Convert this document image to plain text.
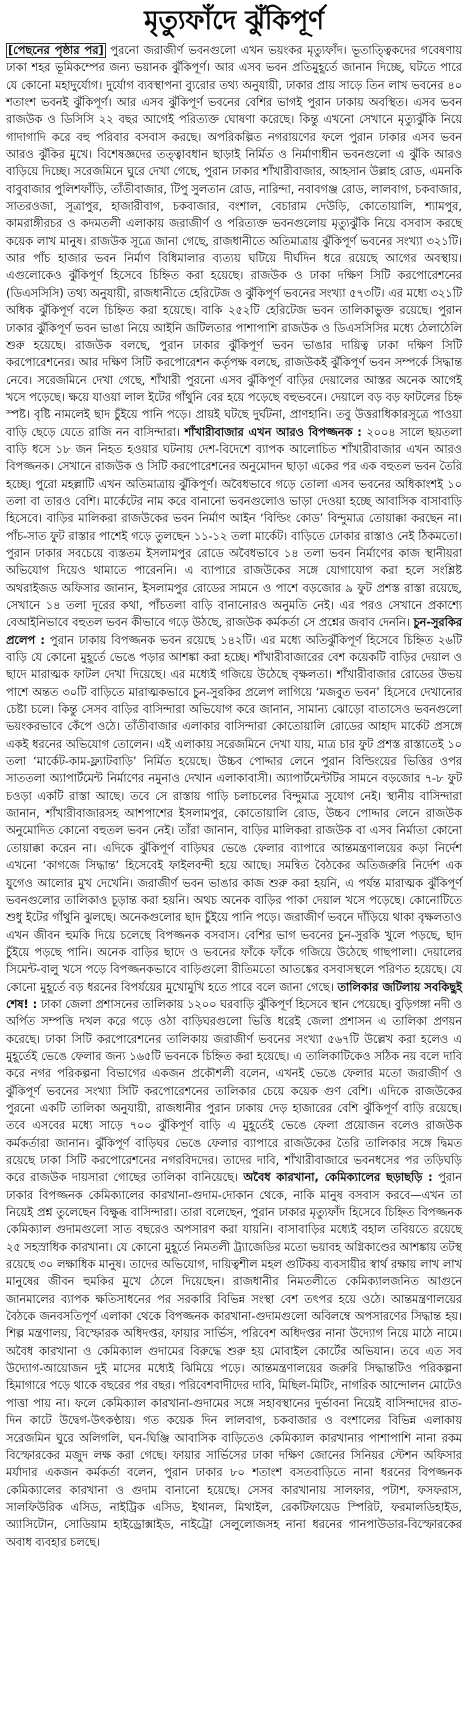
মৃত্যুফাঁদে ঝুঁকিপূর্ণ

[পেছনের পৃষ্ঠার পর] পুরনো জরাজীর্ণ ভবনগুলো এখন ভয়ংকর মৃত্যুফাঁদ। ভূতাত্ত্বিকদের গবেষণায় ঢাকা শহর ভূমিকম্পের জন্য ভয়ানক ঝুঁকিপূর্ণ। আর এসব ভবন প্রতিমুহূর্তে জানান দিচ্ছে, ঘটতে পারে যে কোনো মহাদুর্যোগ। দুর্যোগ ব্যবস্থাপনা ব্যুরোর তথ্য অনুযায়ী, ঢাকার প্রায় সাড়ে তিন লাখ ভবনের ৪০ শতাংশ ভবনই ঝুঁকিপূর্ণ। আর এসব ঝুঁকিপূর্ণ ভবনের বেশির ভাগই পুরান ঢাকায় অবস্থিত। এসব ভবন রাজউক ও ডিসিসি ২২ বছর আগেই পরিত্যক্ত ঘোষণা করেছে। কিন্তু এখনো সেখানে মৃত্যুঝুঁকি নিয়ে গাদাগাদি করে বহু পরিবার বসবাস করছে। অপরিকল্পিত নগরায়ণের ফলে পুরান ঢাকার এসব ভবন আরও ঝুঁকির মুখে। বিশেষজ্ঞদের তত্ত্বাবধান ছাড়াই নির্মিত ও নির্মাণাধীন ভবনগুলো এ ঝুঁকি আরও বাড়িয়ে দিচ্ছে। সরেজমিনে ঘুরে দেখা গেছে, পুরান ঢাকার শাঁখারীবাজার, আহসান উল্লাহ রোড, এমনকি বাবুবাজার পুলিশফাঁড়ি, তাঁতীবাজার, টিপু সুলতান রোড, নারিন্দা, নবাবগঞ্জ রোড, লালবাগ, চকবাজার, সাতরওজা, সূত্রাপুর, হাজারীবাগ, চকবাজার, বংশাল, বেচারাম দেউড়ি, কোতোয়ালি, শ্যামপুর, কামরাঙ্গীরচর ও কদমতলী এলাকায় জরাজীর্ণ ও পরিত্যক্ত ভবনগুলোয় মৃত্যুঝুঁকি নিয়ে বসবাস করছে কয়েক লাখ মানুষ। রাজউক সূত্রে জানা গেছে, রাজধানীতে অতিমাত্রায় ঝুঁকিপূর্ণ ভবনের সংখ্যা ৩২১টি। আর পাঁচ হাজার ভবন নির্মাণ বিধিমালার ব্যত্যয় ঘটিয়ে দীর্ঘদিন ধরে রয়েছে আগের অবস্থায়। এগুলোকেও ঝুঁকিপূর্ণ হিসেবে চিহ্নিত করা হয়েছে। রাজউক ও ঢাকা দক্ষিণ সিটি করপোরেশনের (ডিএসসিসি) তথ্য অনুযায়ী, রাজধানীতে হেরিটেজ ও ঝুঁকিপূর্ণ ভবনের সংখ্যা ৫৭৩টি। এর মধ্যে ৩২১টি অধিক ঝুঁকিপূর্ণ বলে চিহ্নিত করা হয়েছে। বাকি ২৫২টি হেরিটেজ ভবন তালিকাভুক্ত রয়েছে। পুরান ঢাকার ঝুঁকিপূর্ণ ভবন ভাঙা নিয়ে আইনি জটিলতার পাশাপাশি রাজউক ও ডিএসসিসির মধ্যে ঠেলাঠেলি শুরু হয়েছে। রাজউক বলছে, পুরান ঢাকার ঝুঁকিপূর্ণ ভবন ভাঙার দায়িত্ব ঢাকা দক্ষিণ সিটি করপোরেশনের। আর দক্ষিণ সিটি করপোরেশন কর্তৃপক্ষ বলছে, রাজউকই ঝুঁকিপূর্ণ ভবন সম্পর্কে সিদ্ধান্ত নেবে। সরেজমিনে দেখা গেছে, শাঁখারী পুরনো এসব ঝুঁকিপূর্ণ বাড়ির দেয়ালের আস্তর অনেক আগেই খসে পড়েছে। ক্ষয়ে যাওয়া লাল ইটের গাঁথুনি বের হয়ে পড়েছে বহুভবনে। দেয়ালে বড় বড় ফাটলের চিহ্ন স্পষ্ট। বৃষ্টি নামলেই ছাদ চুঁইয়ে পানি পড়ে। প্রায়ই ঘটছে দুর্ঘটনা, প্রাণহানি। তবু উত্তরাধিকারসূত্রে পাওয়া বাড়ি ছেড়ে যেতে রাজি নন বাসিন্দারা। শাঁখারীবাজার এখন আরও বিপজ্জনক : ২০০৪ সালে ছয়তলা বাড়ি ধসে ১৮ জন নিহত হওয়ার ঘটনায় দেশ-বিদেশে ব্যাপক আলোচিত শাঁখারীবাজার এখন আরও বিপজ্জনক। সেখানে রাজউক ও সিটি করপোরেশনের অনুমোদন ছাড়া একের পর এক বহুতল ভবন তৈরি হচ্ছে। পুরো মহল্লাটি এখন অতিমাত্রায় ঝুঁকিপূর্ণ। অবৈধভাবে গড়ে তোলা এসব ভবনের অধিকাংশই ১০ তলা বা তারও বেশি। মার্কেটের নাম করে বানানো ভবনগুলোও ভাড়া দেওয়া হচ্ছে আবাসিক বাসাবাড়ি হিসেবে। বাড়ির মালিকরা রাজউকের ভবন নির্মাণ আইন ‘বিল্ডিং কোড’ বিন্দুমাত্র তোয়াক্কা করছেন না। পাঁচ-সাত ফুট রাস্তার পাশেই গড়ে তুলছেন ১১-১২ তলা মার্কেট। বাড়িতে ঢোকার রাস্তাও নেই ঠিকমতো। পুরান ঢাকার সবচেয়ে ব্যস্ততম ইসলামপুর রোডে অবৈধভাবে ১৪ তলা ভবন নির্মাণের কাজ স্থানীয়রা অভিযোগ দিয়েও থামাতে পারেননি। এ ব্যাপারে রাজউকের সঙ্গে যোগাযোগ করা হলে সংশ্লিষ্ট অথরাইজড অফিসার জানান, ইসলামপুর রোডের সামনে ও পাশে বড়জোর ৯ ফুট প্রশস্ত রাস্তা রয়েছে, সেখানে ১৪ তলা দূরের কথা, পাঁচতলা বাড়ি বানানোরও অনুমতি নেই। এর পরও সেখানে প্রকাশ্যে বেআইনিভাবে বহুতল ভবন কীভাবে গড়ে উঠছে, রাজউক কর্মকর্তা সে প্রশ্নের জবাব দেননি। চুন-সুরকির প্রলেপ : পুরান ঢাকায় বিপজ্জনক ভবন রয়েছে ১৪২টি। এর মধ্যে অতিঝুঁকিপূর্ণ হিসেবে চিহ্নিত ২৬টি বাড়ি যে কোনো মুহূর্তে ভেঙে পড়ার আশঙ্কা করা হচ্ছে। শাঁখারীবাজারের বেশ কয়েকটি বাড়ির দেয়াল ও ছাদে মারাত্মক ফাটল দেখা দিয়েছে। এর মধ্যেই গজিয়ে উঠেছে বৃক্ষলতা। শাঁখারীবাজার রোডের উভয় পাশে অন্তত ৩০টি বাড়িতে মারাত্মকভাবে চুন-সুরকির প্রলেপ লাগিয়ে ‘মজবুত ভবন’ হিসেবে দেখানোর চেষ্টা চলে। কিন্তু সেসব বাড়ির বাসিন্দারা অভিযোগ করে জানান, সামান্য ঝোড়ো বাতাসেও ভবনগুলো ভয়ংকরভাবে কেঁপে ওঠে। তাঁতীবাজার এলাকার বাসিন্দারা কোতোয়ালি রোডের আহাদ মার্কেট প্রসঙ্গে একই ধরনের অভিযোগ তোলেন। এই এলাকায় সরেজমিনে দেখা যায়, মাত্র চার ফুট প্রশস্ত রাস্তাতেই ১০ তলা ‘মার্কেট-কাম-ফ্ল্যাটবাড়ি’ নির্মিত হয়েছে। উচ্চব পোদ্দার লেনে পুরান বিল্ডিংয়ের ভিত্তির ওপর সাততলা অ্যাপার্টমেন্ট নির্মাণের নমুনাও দেখান এলাকাবাসী। অ্যাপার্টমেন্টটির সামনে বড়জোর ৭-৮ ফুট চওড়া একটি রাস্তা আছে। তবে সে রাস্তায় গাড়ি চলাচলের বিন্দুমাত্র সুযোগ নেই। স্থানীয় বাসিন্দারা জানান, শাঁখারীবাজারসহ আশপাশের ইসলামপুর, কোতোয়ালি রোড, উচ্চব পোদ্দার লেনে রাজউক অনুমোদিত কোনো বহুতল ভবন নেই। তাঁরা জানান, বাড়ির মালিকরা রাজউক বা এসব নির্মাতা কোনো তোয়াক্কা করেন না। এদিকে ঝুঁকিপূর্ণ বাড়িঘর ভেঙে ফেলার ব্যাপারে আন্তমন্ত্রণালয়ের কড়া নির্দেশ এখনো ‘কাগজে সিদ্ধান্ত’ হিসেবেই ফাইলবন্দী হয়ে আছে। সমন্বিত বৈঠকের অতিজরুরি নির্দেশ এক যুগেও আলোর মুখ দেখেনি। জরাজীর্ণ ভবন ভাঙার কাজ শুরু করা হয়নি, এ পর্যন্ত মারাত্মক ঝুঁকিপূর্ণ ভবনগুলোর তালিকাও চূড়ান্ত করা হয়নি। অথচ অনেক বাড়ির পাকা দেয়াল খসে পড়েছে। কোনোটিতে শুধু ইটের গাঁথুনি ঝুলছে। অনেকগুলোর ছাদ চুঁইয়ে পানি পড়ে। জরাজীর্ণ ভবনে দাঁড়িয়ে থাকা বৃক্ষলতাও এখন জীবন হুমকি দিয়ে চলেছে বিপজ্জনক বসবাস। বেশির ভাগ ভবনের চুন-সুরকি খুলে পড়ছে, ছাদ চুঁইয়ে পড়ছে পানি। অনেক বাড়ির ছাদে ও ভবনের ফাঁকে ফাঁকে গজিয়ে উঠেছে গাছপালা। দেয়ালের সিমেন্ট-বালু খসে পড়ে বিপজ্জনকভাবে বাড়িগুলো রীতিমতো আতঙ্কের বসবাসস্থলে পরিণত হয়েছে। যে কোনো মুহূর্তে বড় ধরনের বিপর্যয়ের মুখোমুখি হতে পারে বলে জানা গেছে। তালিকার জটিলায় সবকিছুই শেষ! : ঢাকা জেলা প্রশাসনের তালিকায় ১২০০ ঘরবাড়ি ঝুঁকিপূর্ণ হিসেবে স্থান পেয়েছে। বুড়িগঙ্গা নদী ও অর্পিত সম্পত্তি দখল করে গড়ে ওঠা বাড়িঘরগুলো ভিত্তি ধরেই জেলা প্রশাসন এ তালিকা প্রণয়ন করেছে। ঢাকা সিটি করপোরেশনের তালিকায় জরাজীর্ণ ভবনের সংখ্যা ৫৬৭টি উল্লেখ করা হলেও এ মুহূর্তেই ভেঙে ফেলার জন্য ১৬৫টি ভবনকে চিহ্নিত করা হয়েছে। এ তালিকাটিকেও সঠিক নয় বলে দাবি করে নগর পরিকল্পনা বিভাগের একজন প্রকৌশলী বলেন, এখনই ভেঙে ফেলার মতো জরাজীর্ণ ও ঝুঁকিপূর্ণ ভবনের সংখ্যা সিটি করপোরেশনের তালিকার চেয়ে কয়েক গুণ বেশি। এদিকে রাজউকের পুরনো একটি তালিকা অনুযায়ী, রাজধানীর পুরান ঢাকায় দেড় হাজারের বেশি ঝুঁকিপূর্ণ বাড়ি রয়েছে। তবে এসবের মধ্যে সাড়ে ৭০০ ঝুঁকিপূর্ণ বাড়ি এ মুহূর্তেই ভেঙে ফেলা প্রয়োজন বলেও রাজউক কর্মকর্তারা জানান। ঝুঁকিপূর্ণ বাড়িঘর ভেঙে ফেলার ব্যাপারে রাজউকের তৈরি তালিকার সঙ্গে দ্বিমত রয়েছে ঢাকা সিটি করপোরেশনের নগরবিদদের। তাদের দাবি, শাঁখারীবাজারে ভবনধসের পর তড়িঘড়ি করে রাজউক দায়সারা গোছের তালিকা বানিয়েছে। অবৈধ কারখানা, কেমিক্যালের ছড়াছড়ি : পুরান ঢাকার বিপজ্জনক কেমিক্যালের কারখানা-গুদাম-দোকান থেকে, নাকি মানুষ বসবাস করবে—এখন তা নিয়েই প্রশ্ন তুলেছেন বিক্ষুব্ধ বাসিন্দারা। তারা বলেছেন, পুরান ঢাকার মৃত্যুফাঁদ হিসেবে চিহ্নিত বিপজ্জনক কেমিক্যাল গুদামগুলো সাত বছরেও অপসারণ করা যায়নি। বাসাবাড়ির মধ্যেই বহাল তবিয়তে রয়েছে ২৫ সহস্রাধিক কারখানা। যে কোনো মুহূর্তে নিমতলী ট্র্যাজেডির মতো ভয়াবহ অগ্নিকাণ্ডের আশঙ্কায় তটস্থ রয়েছে ৩০ লক্ষাধিক মানুষ। তাদের অভিযোগ, দায়িত্বশীল মহল গুটিকয় ব্যবসায়ীর স্বার্থ রক্ষায় লাখ লাখ মানুষের জীবন হুমকির মুখে ঠেলে দিয়েছেন। রাজধানীর নিমতলীতে কেমিক্যালজনিত আগুনে জানমালের ব্যাপক ক্ষতিসাধনের পর সরকারি বিভিন্ন সংস্থা বেশ তৎপর হয়ে ওঠে। আন্তমন্ত্রণালয়ের বৈঠকে জনবসতিপূর্ণ এলাকা থেকে বিপজ্জনক কারখানা-গুদামগুলো অবিলম্বে অপসারণের সিদ্ধান্ত হয়। শিল্প মন্ত্রণালয়, বিস্ফোরক অধিদপ্তর, ফায়ার সার্ভিস, পরিবেশ অধিদপ্তর নানা উদ্যোগ নিয়ে মাঠে নামে। অবৈধ কারখানা ও কেমিক্যাল গুদামের বিরুদ্ধে শুরু হয় মোবাইল কোর্টের অভিযান। তবে এত সব উদ্যোগ-আয়োজন দুই মাসের মধ্যেই ঝিমিয়ে পড়ে। আন্তমন্ত্রণালয়ের জরুরি সিদ্ধান্তটিও পরিকল্পনা হিমাগারে পড়ে থাকে বছরের পর বছর। পরিবেশবাদীদের দাবি, মিছিল-মিটিং, নাগরিক আন্দোলন মোটেও পাত্তা পায় না। ফলে কেমিক্যাল কারখানা-গুদামের সঙ্গে সহাবস্থানের দুর্ভাবনা নিয়েই বাসিন্দাদের রাত-দিন কাটে উদ্বেগ-উৎকণ্ঠায়। গত কয়েক দিন লালবাগ, চকবাজার ও বংশালের বিভিন্ন এলাকায় সরেজমিন ঘুরে অলিগলি, ঘন-ঘিঞ্জি আবাসিক বাড়িতেও কেমিক্যাল কারখানার পাশাপাশি নানা রকম বিস্ফোরকের মজুদ লক্ষ করা গেছে। ফায়ার সার্ভিসের ঢাকা দক্ষিণ জোনের সিনিয়র স্টেশন অফিসার মর্যাদার একজন কর্মকর্তা বলেন, পুরান ঢাকার ৮০ শতাংশ বসতবাড়িতে নানা ধরনের বিপজ্জনক কেমিক্যালের কারখানা ও গুদাম বানানো হয়েছে। সেসব কারখানায় সালফার, পটাশ, ফসফরাস, সালফিউরিক এসিড, নাইট্রিক এসিড, ইথানল, মিথাইল, রেকটিফায়েড স্পিরিট, ফরমালডিহাইড, অ্যাসিটোন, সোডিয়াম হাইড্রোক্সাইড, নাইট্রো সেলুলোজসহ নানা ধরনের গানপাউডার-বিস্ফোরকের অবাধ ব্যবহার চলছে।
